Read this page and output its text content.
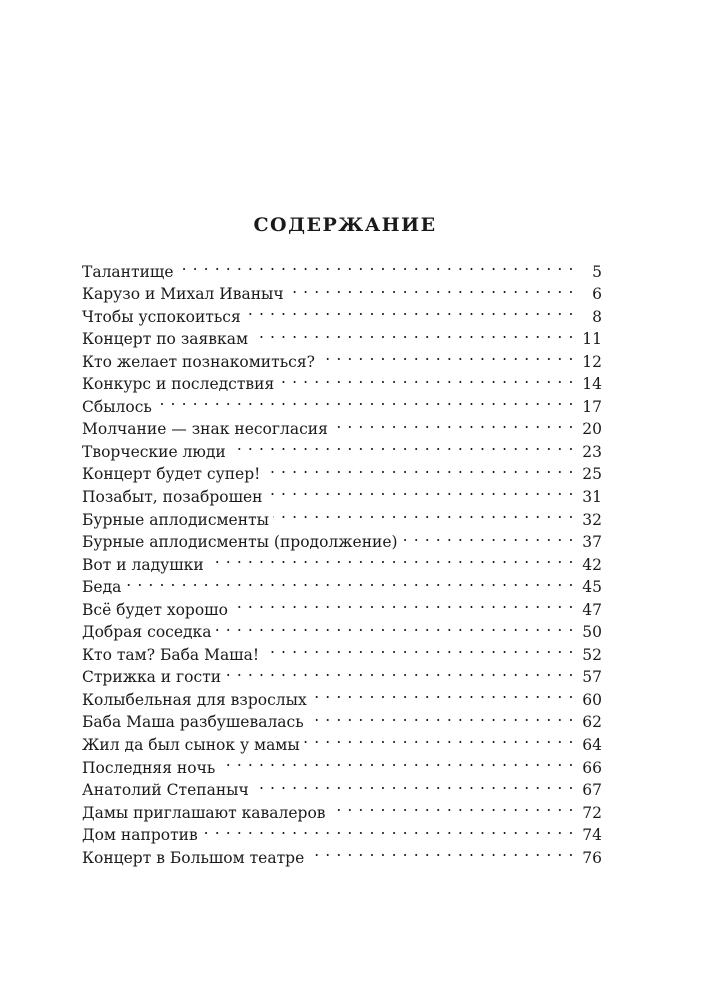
СОДЕРЖАНИЕ
Талантище . . .	5
Карузо и Михал Иваныч . . .	6
Чтобы успокоиться . . .	8
Концерт по заявкам . . .	11
Кто желает познакомиться? . . .	12
Конкурс и последствия . . .	14
Сбылось . . .	17
Молчание — знак несогласия . . .	20
Творческие люди . . .	23
Концерт будет супер! . . .	25
Позабыт, позаброшен . . .	31
Бурные аплодисменты . . .	32
Бурные аплодисменты (продолжение) . . .	37
Вот и ладушки . . .	42
Беда . . .	45
Всё будет хорошо . . .	47
Добрая соседка . . .	50
Кто там? Баба Маша! . . .	52
Стрижка и гости . . .	57
Колыбельная для взрослых . . .	60
Баба Маша разбушевалась . . .	62
Жил да был сынок у мамы . . .	64
Последняя ночь . . .	66
Анатолий Степаныч . . .	67
Дамы приглашают кавалеров . . .	72
Дом напротив . . .	74
Концерт в Большом театре . . .	76
